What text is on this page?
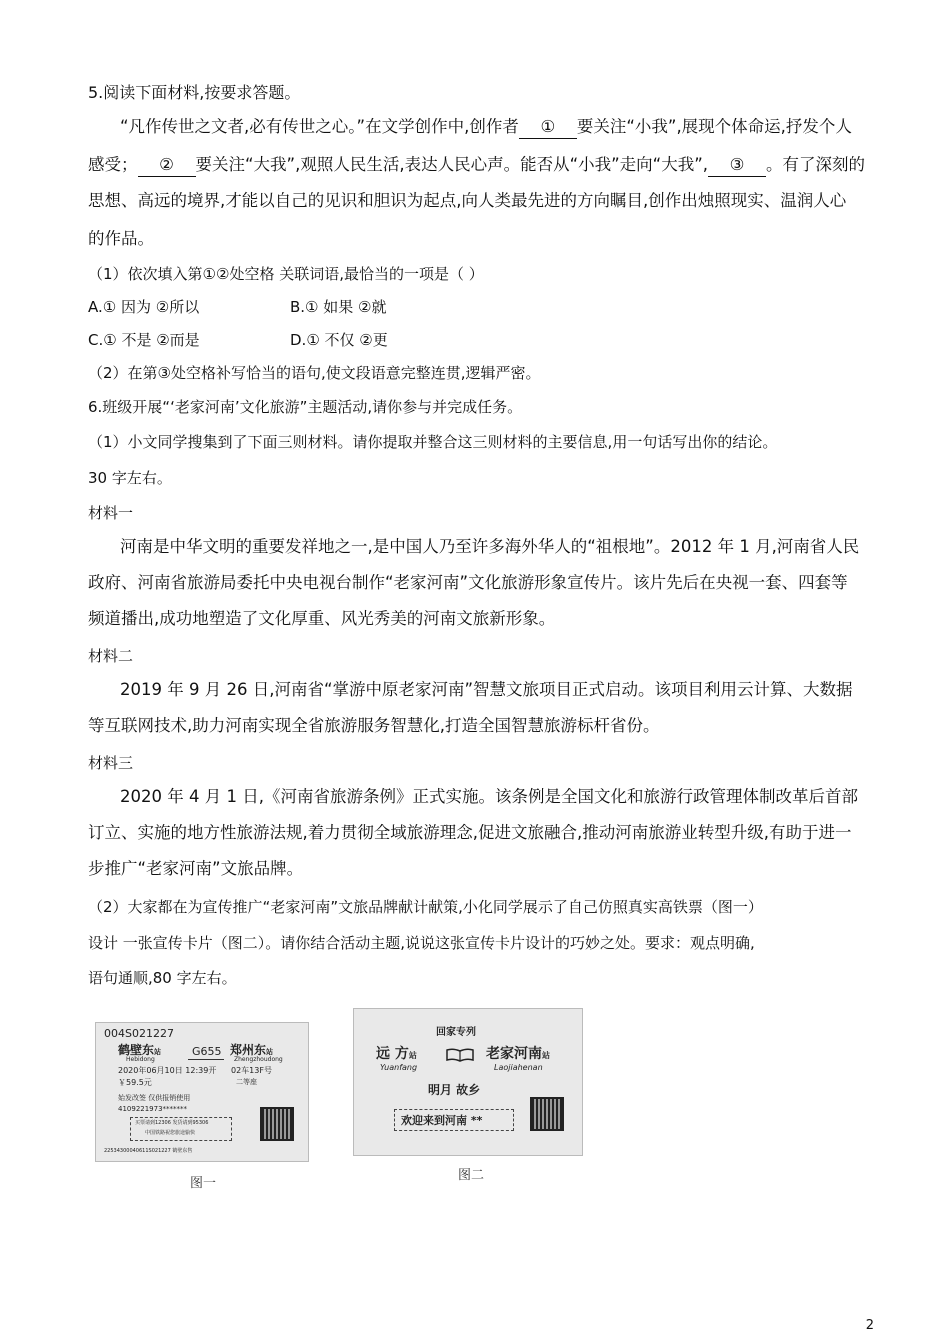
5.阅读下面材料,按要求答题。
“凡作传世之文者,必有传世之心。”在文学创作中,创作者 ① 要关注“小我”,展现个体命运,抒发个人
感受； ② 要关注“大我”,观照人民生活,表达人民心声。能否从“小我”走向“大我”, ③ 。有了深刻的
思想、高远的境界,才能以自己的见识和胆识为起点,向人类最先进的方向瞩目,创作出烛照现实、温润人心
的作品。
（1）依次填入第①②处空格 关联词语,最恰当的一项是（ ）
A.① 因为 ②所以	B.① 如果 ②就
C.① 不是 ②而是	D.① 不仅 ②更
（2）在第③处空格补写恰当的语句,使文段语意完整连贯,逻辑严密。
6.班级开展“‘老家河南’文化旅游”主题活动,请你参与并完成任务。
（1）小文同学搜集到了下面三则材料。请你提取并整合这三则材料的主要信息,用一句话写出你的结论。
30 字左右。
材料一
河南是中华文明的重要发祥地之一,是中国人乃至许多海外华人的“祖根地”。2012 年 1 月,河南省人民
政府、河南省旅游局委托中央电视台制作“老家河南”文化旅游形象宣传片。该片先后在央视一套、四套等
频道播出,成功地塑造了文化厚重、风光秀美的河南文旅新形象。
材料二
2019 年 9 月 26 日,河南省“掌游中原老家河南”智慧文旅项目正式启动。该项目利用云计算、大数据
等互联网技术,助力河南实现全省旅游服务智慧化,打造全国智慧旅游标杆省份。
材料三
2020 年 4 月 1 日,《河南省旅游条例》正式实施。该条例是全国文化和旅游行政管理体制改革后首部
订立、实施的地方性旅游法规,着力贯彻全域旅游理念,促进文旅融合,推动河南旅游业转型升级,有助于进一
步推广“老家河南”文旅品牌。
（2）大家都在为宣传推广“老家河南”文旅品牌献计献策,小化同学展示了自己仿照真实高铁票（图一）
设计 一张宣传卡片（图二）。请你结合活动主题,说说这张宣传卡片设计的巧妙之处。要求：观点明确,
语句通顺,80 字左右。
004S021227
鹤壁东站
Hebidong
G655 郑州东站
Zhengzhoudong
2020年06月10日 12:39开 02车13F号
￥59.5元	二等座
始发改签 仅供报销使用
4109221973*******
买票请到12306 发货请到95306
中国铁路祝您旅途愉快
22534300040611S021227 鹤壁东售
图一
回家专列
远 方站
Yuanfang
老家河南站
Laojiahenan
明月 故乡
欢迎来到河南 **
图二
2
